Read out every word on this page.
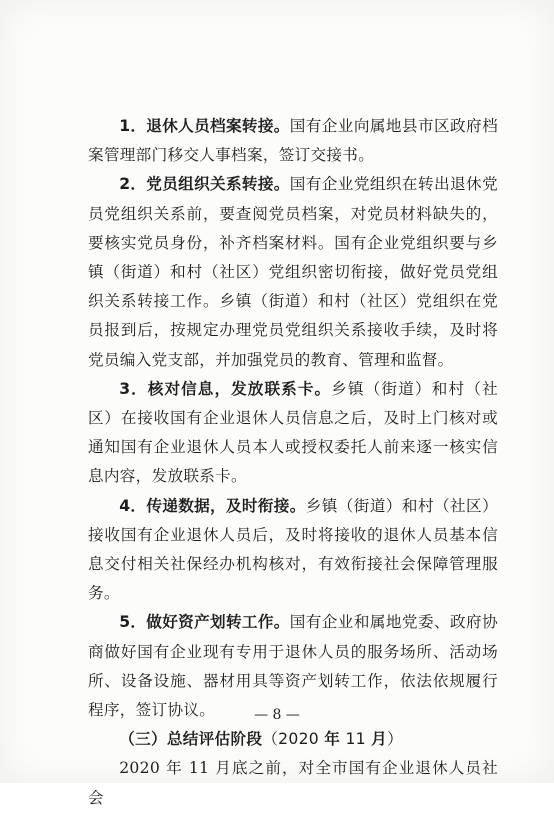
1．退休人员档案转接。国有企业向属地县市区政府档案管理部门移交人事档案，签订交接书。

2．党员组织关系转接。国有企业党组织在转出退休党员党组织关系前，要查阅党员档案，对党员材料缺失的，要核实党员身份，补齐档案材料。国有企业党组织要与乡镇（街道）和村（社区）党组织密切衔接，做好党员党组织关系转接工作。乡镇（街道）和村（社区）党组织在党员报到后，按规定办理党员党组织关系接收手续，及时将党员编入党支部，并加强党员的教育、管理和监督。

3．核对信息，发放联系卡。乡镇（街道）和村（社区）在接收国有企业退休人员信息之后，及时上门核对或通知国有企业退休人员本人或授权委托人前来逐一核实信息内容，发放联系卡。

4．传递数据，及时衔接。乡镇（街道）和村（社区）接收国有企业退休人员后，及时将接收的退休人员基本信息交付相关社保经办机构核对，有效衔接社会保障管理服务。

5．做好资产划转工作。国有企业和属地党委、政府协商做好国有企业现有专用于退休人员的服务场所、活动场所、设备设施、器材用具等资产划转工作，依法依规履行程序，签订协议。

（三）总结评估阶段（2020 年 11 月）

2020 年 11 月底之前，对全市国有企业退休人员社会

— 8 —
